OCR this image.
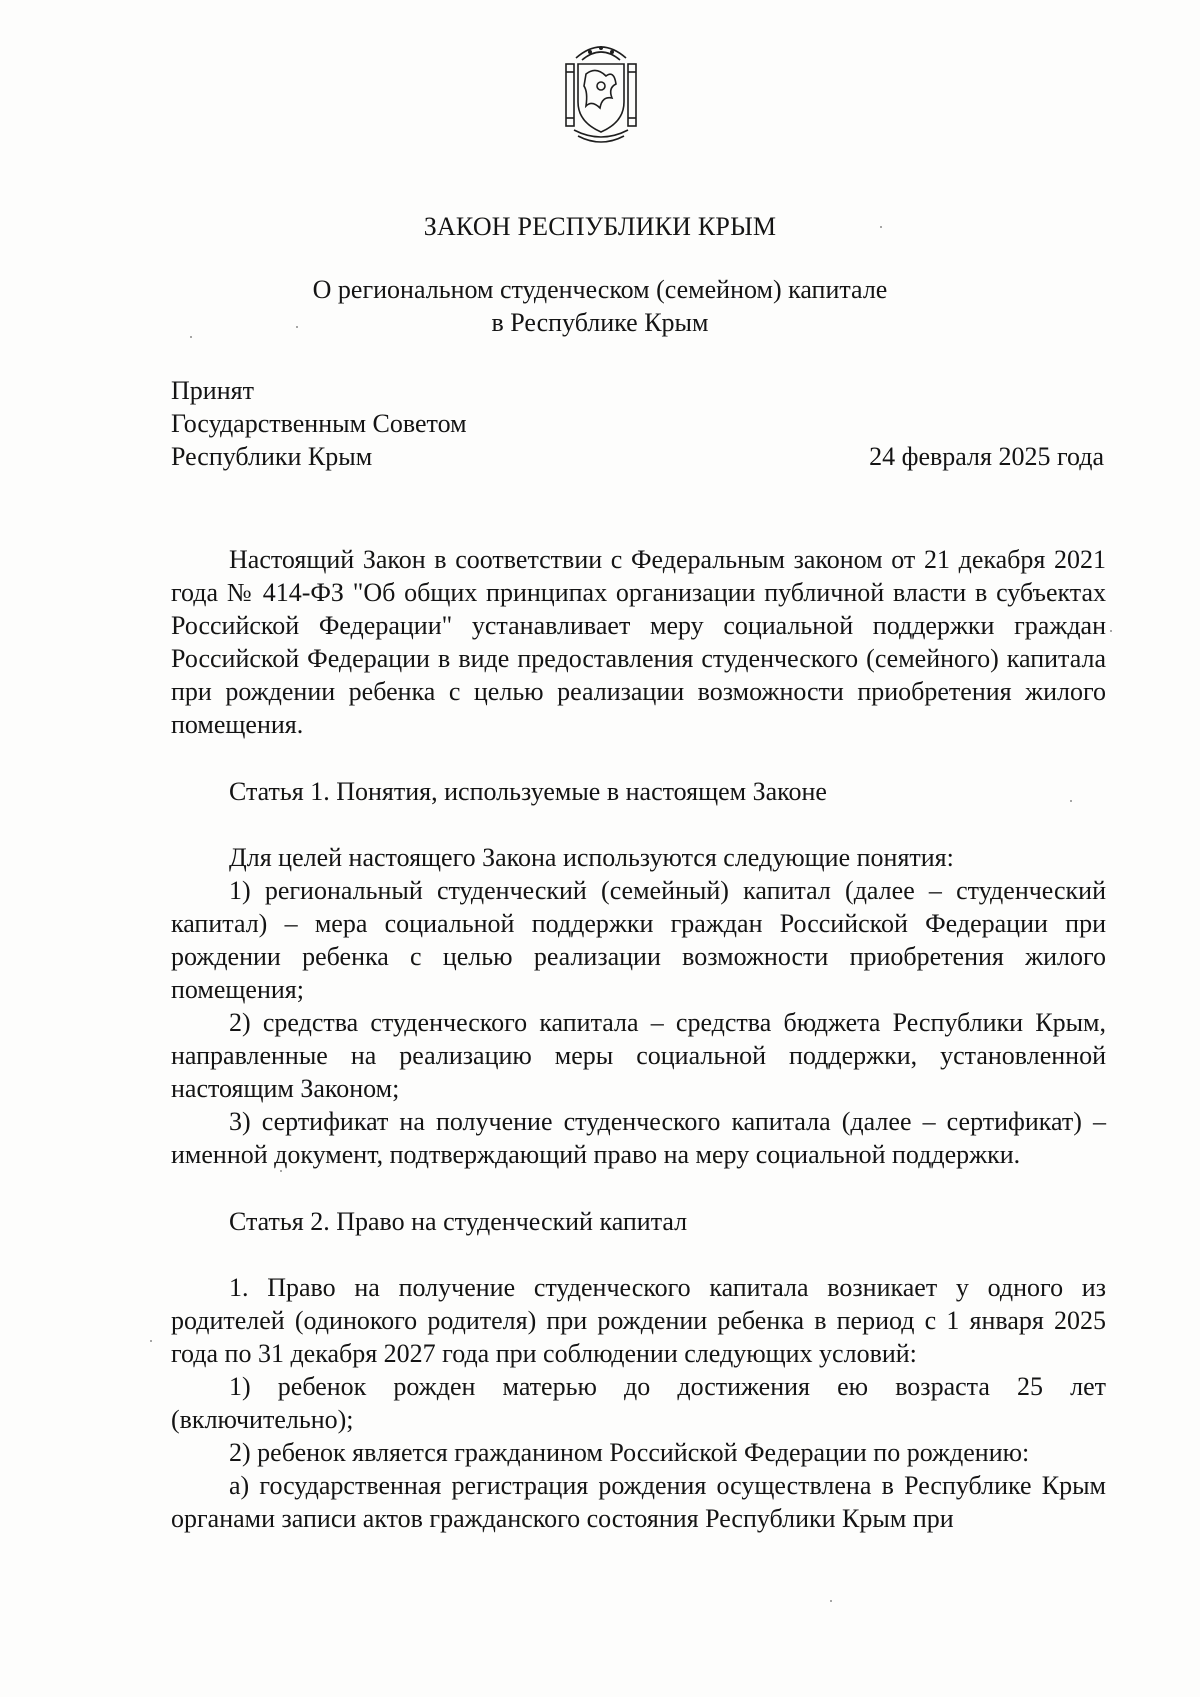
ЗАКОН РЕСПУБЛИКИ КРЫМ
О региональном студенческом (семейном) капитале
в Республике Крым
Принят
Государственным Советом
Республики Крым	24 февраля 2025 года

Настоящий Закон в соответствии с Федеральным законом от 21 декабря 2021 года № 414-ФЗ "Об общих принципах организации публичной власти в субъектах Российской Федерации" устанавливает меру социальной поддержки граждан Российской Федерации в виде предоставления студенческого (семейного) капитала при рождении ребенка с целью реализации возможности приобретения жилого помещения.

Статья 1. Понятия, используемые в настоящем Законе

Для целей настоящего Закона используются следующие понятия:

1) региональный студенческий (семейный) капитал (далее – студенческий капитал) – мера социальной поддержки граждан Российской Федерации при рождении ребенка с целью реализации возможности приобретения жилого помещения;

2) средства студенческого капитала – средства бюджета Республики Крым, направленные на реализацию меры социальной поддержки, установленной настоящим Законом;

3) сертификат на получение студенческого капитала (далее – сертификат) – именной документ, подтверждающий право на меру социальной поддержки.

Статья 2. Право на студенческий капитал

1. Право на получение студенческого капитала возникает у одного из родителей (одинокого родителя) при рождении ребенка в период с 1 января 2025 года по 31 декабря 2027 года при соблюдении следующих условий:

1) ребенок рожден матерью до достижения ею возраста 25 лет (включительно);

2) ребенок является гражданином Российской Федерации по рождению:

а) государственная регистрация рождения осуществлена в Республике Крым органами записи актов гражданского состояния Республики Крым при
